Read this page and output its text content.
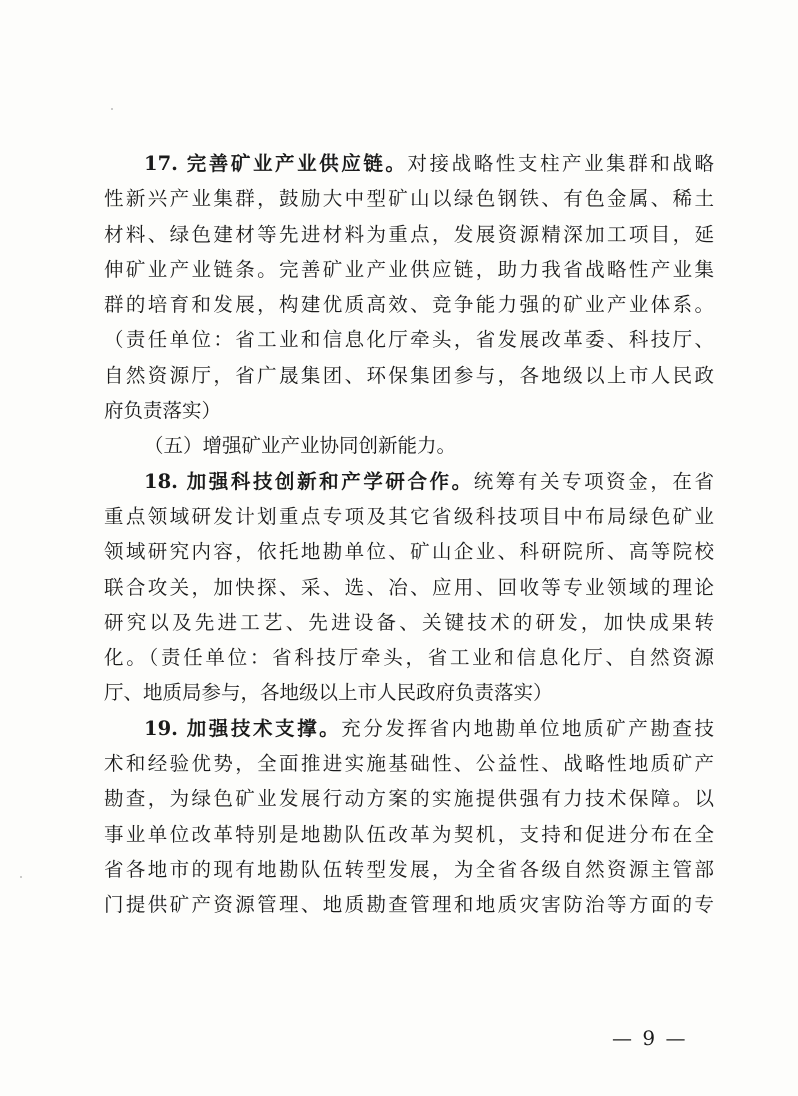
17. 完善矿业产业供应链。对接战略性支柱产业集群和战略
性新兴产业集群，鼓励大中型矿山以绿色钢铁、有色金属、稀土
材料、绿色建材等先进材料为重点，发展资源精深加工项目，延
伸矿业产业链条。完善矿业产业供应链，助力我省战略性产业集
群的培育和发展，构建优质高效、竞争能力强的矿业产业体系。
（责任单位：省工业和信息化厅牵头，省发展改革委、科技厅、
自然资源厅，省广晟集团、环保集团参与，各地级以上市人民政
府负责落实）
（五）增强矿业产业协同创新能力。
18. 加强科技创新和产学研合作。统筹有关专项资金，在省
重点领域研发计划重点专项及其它省级科技项目中布局绿色矿业
领域研究内容，依托地勘单位、矿山企业、科研院所、高等院校
联合攻关，加快探、采、选、冶、应用、回收等专业领域的理论
研究以及先进工艺、先进设备、关键技术的研发，加快成果转
化。（责任单位：省科技厅牵头，省工业和信息化厅、自然资源
厅、地质局参与，各地级以上市人民政府负责落实）
19. 加强技术支撑。充分发挥省内地勘单位地质矿产勘查技
术和经验优势，全面推进实施基础性、公益性、战略性地质矿产
勘查，为绿色矿业发展行动方案的实施提供强有力技术保障。以
事业单位改革特别是地勘队伍改革为契机，支持和促进分布在全
省各地市的现有地勘队伍转型发展，为全省各级自然资源主管部
门提供矿产资源管理、地质勘查管理和地质灾害防治等方面的专
— 9 —
